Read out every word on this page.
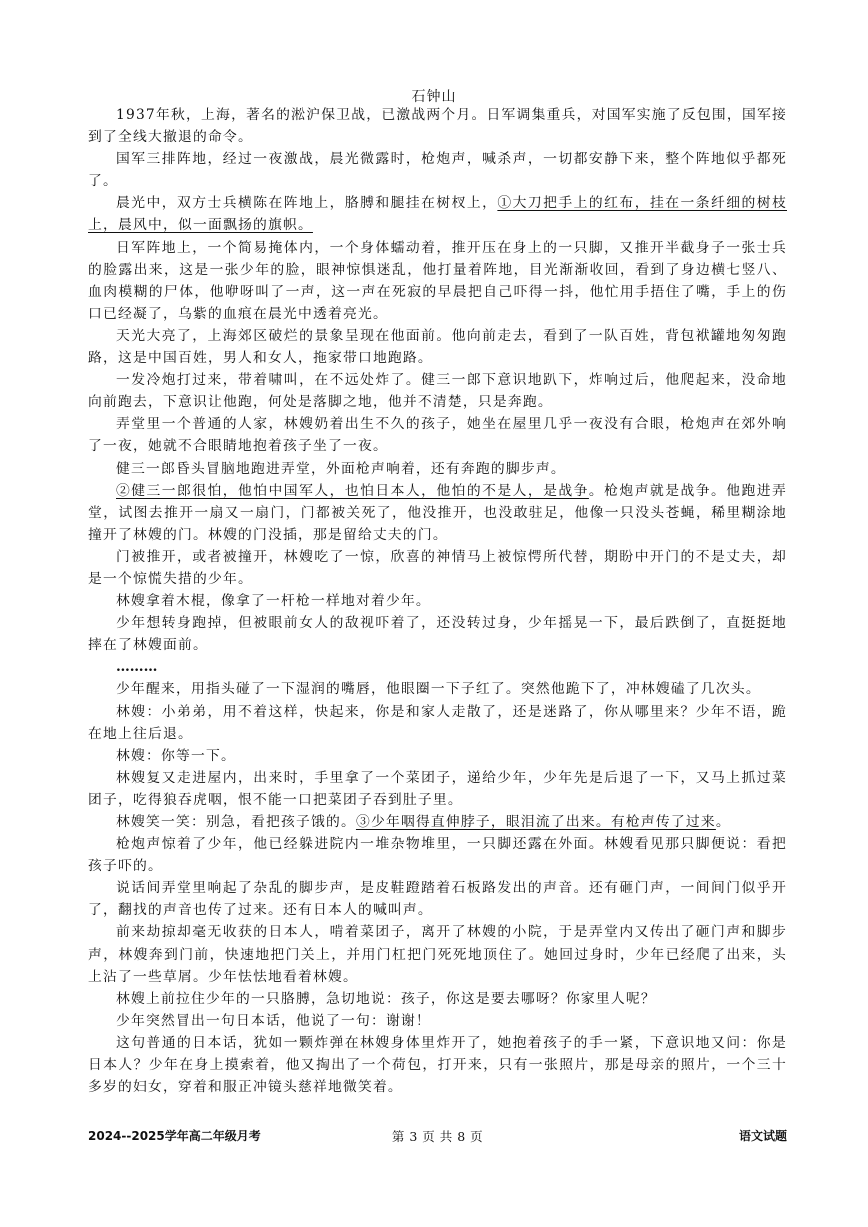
石钟山

1937年秋，上海，著名的淞沪保卫战，已激战两个月。日军调集重兵，对国军实施了反包围，国军接到了全线大撤退的命令。

国军三排阵地，经过一夜激战，晨光微露时，枪炮声，喊杀声，一切都安静下来，整个阵地似乎都死了。

晨光中，双方士兵横陈在阵地上，胳膊和腿挂在树杈上，①大刀把手上的红布，挂在一条纤细的树枝上，晨风中，似一面飘扬的旗帜。

日军阵地上，一个简易掩体内，一个身体蠕动着，推开压在身上的一只脚，又推开半截身子一张士兵的脸露出来，这是一张少年的脸，眼神惊惧迷乱，他打量着阵地，目光渐渐收回，看到了身边横七竖八、血肉模糊的尸体，他咿呀叫了一声，这一声在死寂的早晨把自己吓得一抖，他忙用手捂住了嘴，手上的伤口已经凝了，乌紫的血痕在晨光中透着亮光。

天光大亮了，上海郊区破烂的景象呈现在他面前。他向前走去，看到了一队百姓，背包袱罐地匆匆跑路，这是中国百姓，男人和女人，拖家带口地跑路。

一发冷炮打过来，带着啸叫，在不远处炸了。健三一郎下意识地趴下，炸响过后，他爬起来，没命地向前跑去，下意识让他跑，何处是落脚之地，他并不清楚，只是奔跑。

弄堂里一个普通的人家，林嫂奶着出生不久的孩子，她坐在屋里几乎一夜没有合眼，枪炮声在郊外响了一夜，她就不合眼睛地抱着孩子坐了一夜。

健三一郎昏头冒脑地跑进弄堂，外面枪声响着，还有奔跑的脚步声。

②健三一郎很怕，他怕中国军人，也怕日本人，他怕的不是人，是战争。枪炮声就是战争。他跑进弄堂，试图去推开一扇又一扇门，门都被关死了，他没推开，也没敢驻足，他像一只没头苍蝇，稀里糊涂地撞开了林嫂的门。林嫂的门没插，那是留给丈夫的门。

门被推开，或者被撞开，林嫂吃了一惊，欣喜的神情马上被惊愕所代替，期盼中开门的不是丈夫，却是一个惊慌失措的少年。

林嫂拿着木棍，像拿了一杆枪一样地对着少年。

少年想转身跑掉，但被眼前女人的敌视吓着了，还没转过身，少年摇晃一下，最后跌倒了，直挺挺地摔在了林嫂面前。

………

少年醒来，用指头碰了一下湿润的嘴唇，他眼圈一下子红了。突然他跪下了，冲林嫂磕了几次头。

林嫂：小弟弟，用不着这样，快起来，你是和家人走散了，还是迷路了，你从哪里来？少年不语，跪在地上往后退。

林嫂：你等一下。

林嫂复又走进屋内，出来时，手里拿了一个菜团子，递给少年，少年先是后退了一下，又马上抓过菜团子，吃得狼吞虎咽，恨不能一口把菜团子吞到肚子里。

林嫂笑一笑：别急，看把孩子饿的。③少年咽得直伸脖子，眼泪流了出来。有枪声传了过来。

枪炮声惊着了少年，他已经躲进院内一堆杂物堆里，一只脚还露在外面。林嫂看见那只脚便说：看把孩子吓的。

说话间弄堂里响起了杂乱的脚步声，是皮鞋蹬踏着石板路发出的声音。还有砸门声，一间间门似乎开了，翻找的声音也传了过来。还有日本人的喊叫声。

前来劫掠却毫无收获的日本人，啃着菜团子，离开了林嫂的小院，于是弄堂内又传出了砸门声和脚步声，林嫂奔到门前，快速地把门关上，并用门杠把门死死地顶住了。她回过身时，少年已经爬了出来，头上沾了一些草屑。少年怯怯地看着林嫂。

林嫂上前拉住少年的一只胳膊，急切地说：孩子，你这是要去哪呀？你家里人呢？

少年突然冒出一句日本话，他说了一句：谢谢！

这句普通的日本话，犹如一颗炸弹在林嫂身体里炸开了，她抱着孩子的手一紧，下意识地又问：你是日本人？少年在身上摸索着，他又掏出了一个荷包，打开来，只有一张照片，那是母亲的照片，一个三十多岁的妇女，穿着和服正冲镜头慈祥地微笑着。

2024--2025学年高二年级月考	第 3 页 共 8 页	语文试题
